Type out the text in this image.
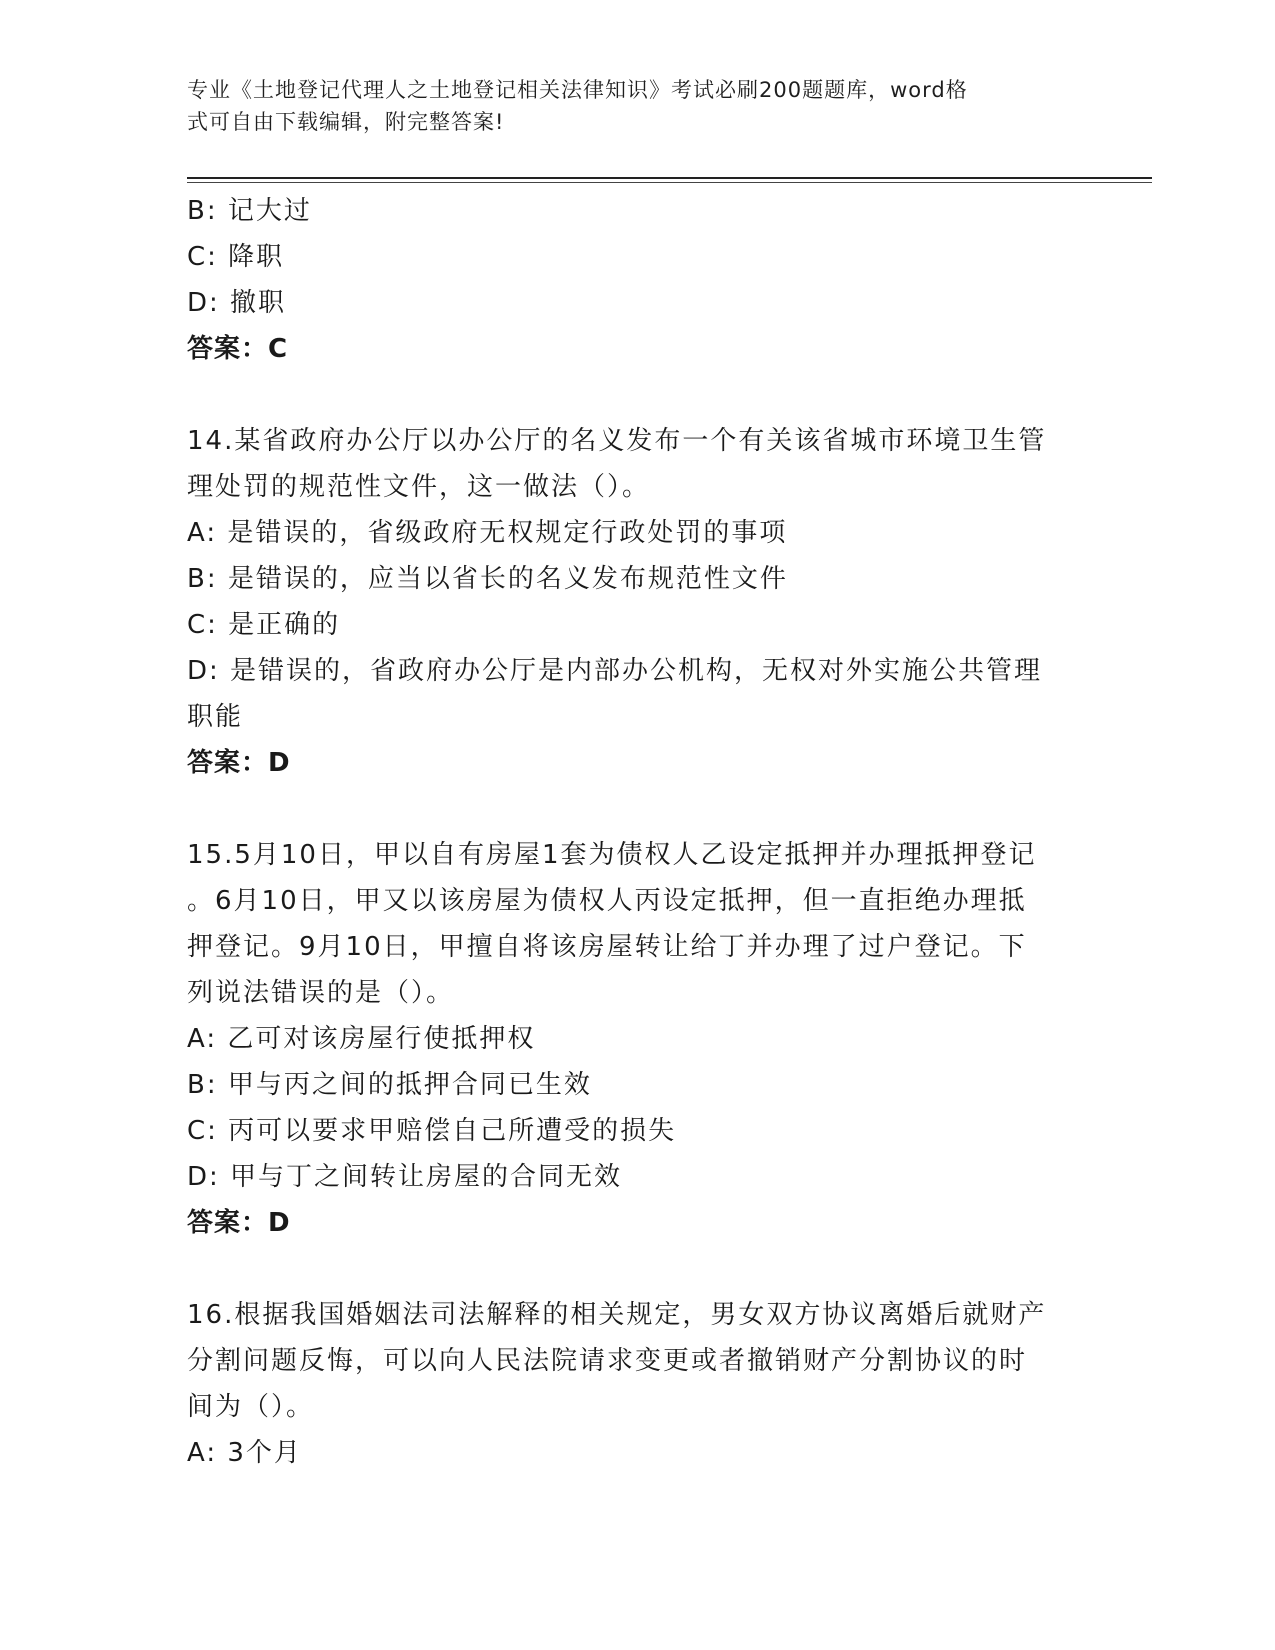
专业《土地登记代理人之土地登记相关法律知识》考试必刷200题题库，word格
式可自由下载编辑，附完整答案!
B: 记大过
C: 降职
D: 撤职
答案：C
14.某省政府办公厅以办公厅的名义发布一个有关该省城市环境卫生管
理处罚的规范性文件，这一做法（）。
A: 是错误的，省级政府无权规定行政处罚的事项
B: 是错误的，应当以省长的名义发布规范性文件
C: 是正确的
D: 是错误的，省政府办公厅是内部办公机构，无权对外实施公共管理
职能
答案：D
15.5月10日，甲以自有房屋1套为债权人乙设定抵押并办理抵押登记
。6月10日，甲又以该房屋为债权人丙设定抵押，但一直拒绝办理抵
押登记。9月10日，甲擅自将该房屋转让给丁并办理了过户登记。下
列说法错误的是（）。
A: 乙可对该房屋行使抵押权
B: 甲与丙之间的抵押合同已生效
C: 丙可以要求甲赔偿自己所遭受的损失
D: 甲与丁之间转让房屋的合同无效
答案：D
16.根据我国婚姻法司法解释的相关规定，男女双方协议离婚后就财产
分割问题反悔，可以向人民法院请求变更或者撤销财产分割协议的时
间为（）。
A: 3个月
